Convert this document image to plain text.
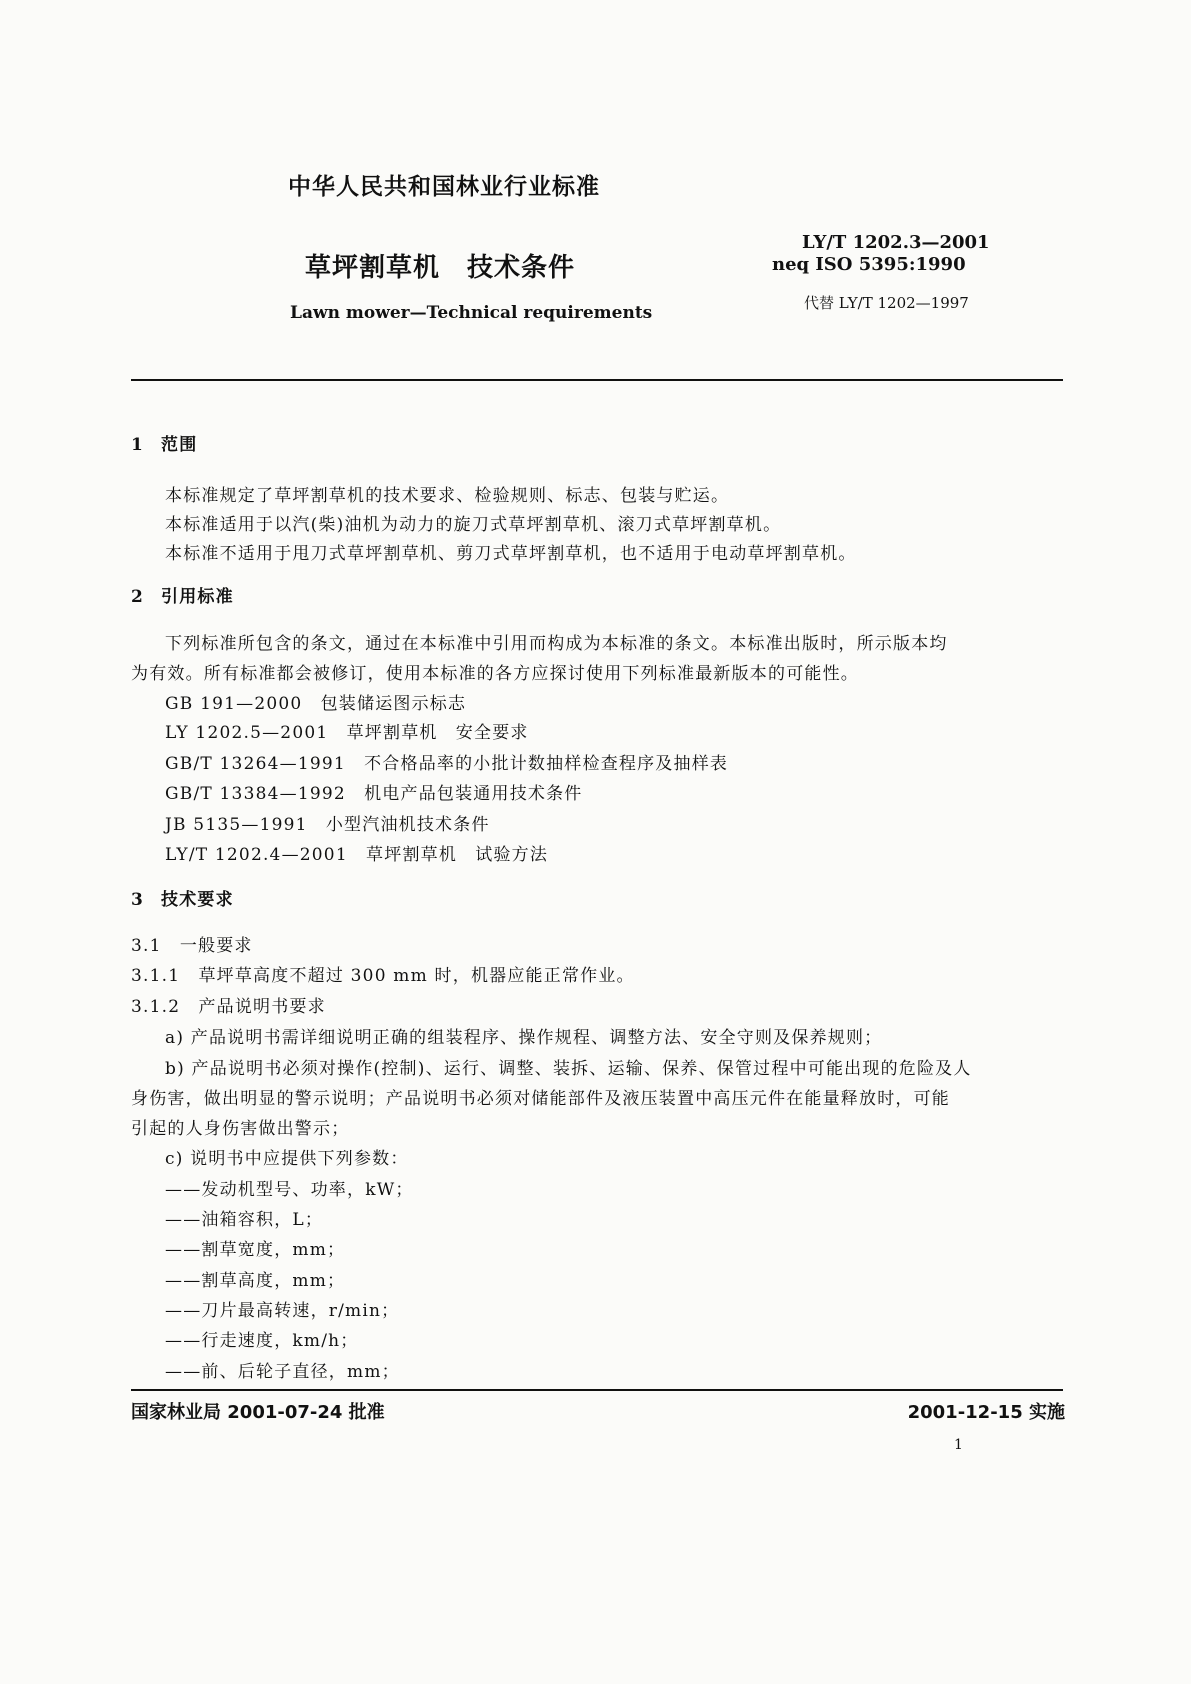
中华人民共和国林业行业标准
草坪割草机　技术条件
Lawn mower—Technical requirements
LY/T 1202.3—2001
neq ISO 5395:1990
代替 LY/T 1202—1997
1 范围
本标准规定了草坪割草机的技术要求、检验规则、标志、包装与贮运。
本标准适用于以汽(柴)油机为动力的旋刀式草坪割草机、滚刀式草坪割草机。
本标准不适用于甩刀式草坪割草机、剪刀式草坪割草机，也不适用于电动草坪割草机。
2 引用标准
下列标准所包含的条文，通过在本标准中引用而构成为本标准的条文。本标准出版时，所示版本均
为有效。所有标准都会被修订，使用本标准的各方应探讨使用下列标准最新版本的可能性。
GB 191—2000　 包装储运图示标志
LY 1202.5—2001　 草坪割草机　安全要求
GB/T 13264—1991　 不合格品率的小批计数抽样检查程序及抽样表
GB/T 13384—1992　 机电产品包装通用技术条件
JB 5135—1991　 小型汽油机技术条件
LY/T 1202.4—2001　 草坪割草机　试验方法
3 技术要求
3.1　一般要求
3.1.1　草坪草高度不超过 300 mm 时，机器应能正常作业。
3.1.2　产品说明书要求
a) 产品说明书需详细说明正确的组装程序、操作规程、调整方法、安全守则及保养规则；
b) 产品说明书必须对操作(控制)、运行、调整、装拆、运输、保养、保管过程中可能出现的危险及人
身伤害，做出明显的警示说明；产品说明书必须对储能部件及液压装置中高压元件在能量释放时，可能
引起的人身伤害做出警示；
c) 说明书中应提供下列参数：
——发动机型号、功率，kW；
——油箱容积，L；
——割草宽度，mm；
——割草高度，mm；
——刀片最高转速，r/min；
——行走速度，km/h；
——前、后轮子直径，mm；
国家林业局 2001-07-24 批准	2001-12-15 实施
1
